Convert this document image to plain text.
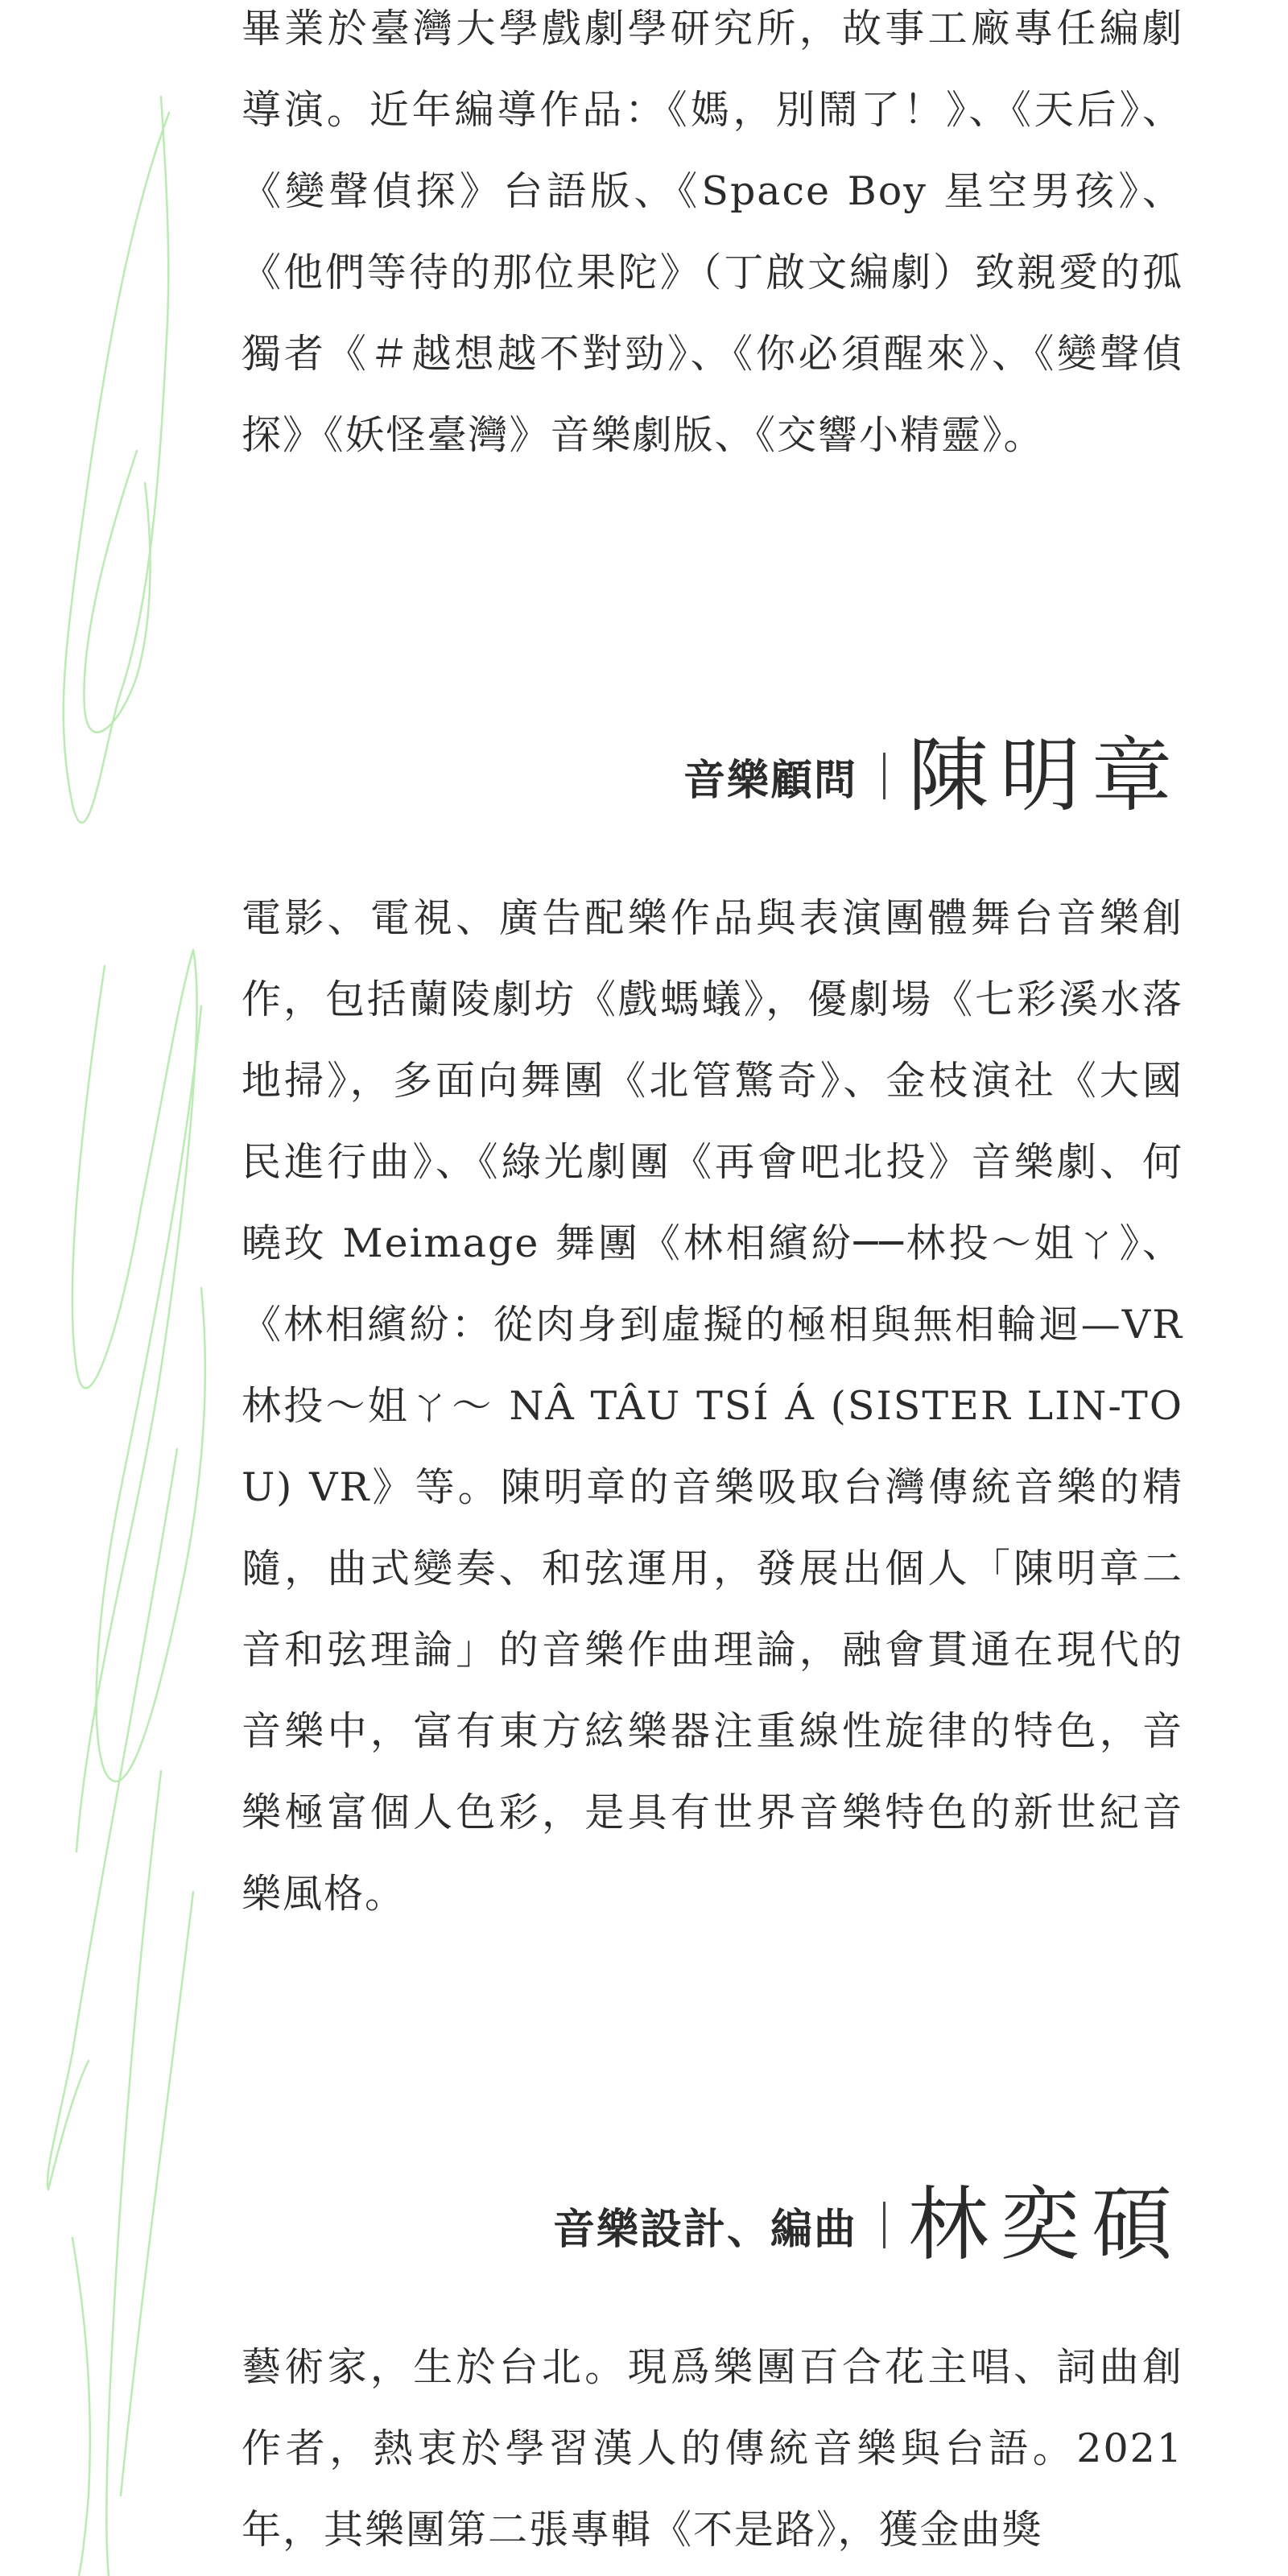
畢業於臺灣大學戲劇學研究所，故事工廠專任編劇導演。近年編導作品：《媽，別鬧了！》、《天后》、《變聲偵探》台語版、《Space Boy 星空男孩》、《他們等待的那位果陀》（丁啟文編劇）致親愛的孤獨者《＃越想越不對勁》、《你必須醒來》、《變聲偵探》《妖怪臺灣》音樂劇版、《交響小精靈》。

音樂顧問 陳明章

電影、電視、廣告配樂作品與表演團體舞台音樂創作，包括蘭陵劇坊《戲螞蟻》，優劇場《七彩溪水落地掃》，多面向舞團《北管驚奇》、金枝演社《大國民進行曲》、《綠光劇團《再會吧北投》音樂劇、何曉玫 Meimage 舞團《林相繽紛──林投～姐ㄚ》、《林相繽紛：從肉身到虛擬的極相與無相輪迴—VR 林投～姐ㄚ～ NÂ TÂU TSÍ Á (SISTER LIN-TOU) VR》等。陳明章的音樂吸取台灣傳統音樂的精隨，曲式變奏、和弦運用，發展出個人「陳明章二音和弦理論」的音樂作曲理論，融會貫通在現代的音樂中，富有東方絃樂器注重線性旋律的特色，音樂極富個人色彩，是具有世界音樂特色的新世紀音樂風格。

音樂設計、編曲 林奕碩

藝術家，生於台北。現爲樂團百合花主唱、詞曲創作者，熱衷於學習漢人的傳統音樂與台語。2021 年，其樂團第二張專輯《不是路》，獲金曲獎
